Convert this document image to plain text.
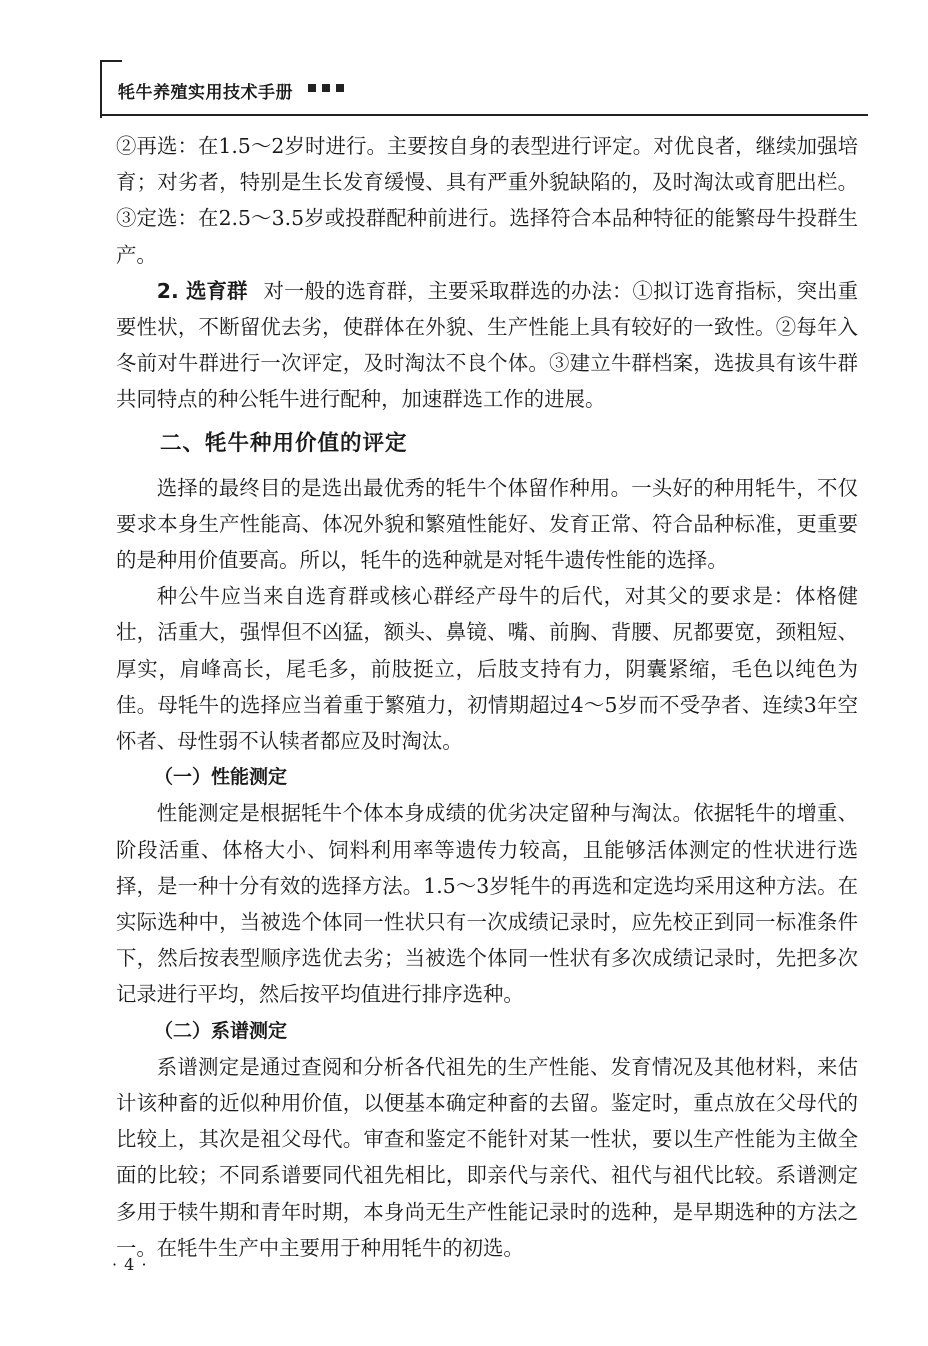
牦牛养殖实用技术手册

②再选：在1.5～2岁时进行。主要按自身的表型进行评定。对优良者，继续加强培育；对劣者，特别是生长发育缓慢、具有严重外貌缺陷的，及时淘汰或育肥出栏。③定选：在2.5～3.5岁或投群配种前进行。选择符合本品种特征的能繁母牛投群生产。

2. 选育群 对一般的选育群，主要采取群选的办法：①拟订选育指标，突出重要性状，不断留优去劣，使群体在外貌、生产性能上具有较好的一致性。②每年入冬前对牛群进行一次评定，及时淘汰不良个体。③建立牛群档案，选拔具有该牛群共同特点的种公牦牛进行配种，加速群选工作的进展。

二、牦牛种用价值的评定

选择的最终目的是选出最优秀的牦牛个体留作种用。一头好的种用牦牛，不仅要求本身生产性能高、体况外貌和繁殖性能好、发育正常、符合品种标准，更重要的是种用价值要高。所以，牦牛的选种就是对牦牛遗传性能的选择。

种公牛应当来自选育群或核心群经产母牛的后代，对其父的要求是：体格健壮，活重大，强悍但不凶猛，额头、鼻镜、嘴、前胸、背腰、尻都要宽，颈粗短、厚实，肩峰高长，尾毛多，前肢挺立，后肢支持有力，阴囊紧缩，毛色以纯色为佳。母牦牛的选择应当着重于繁殖力，初情期超过4～5岁而不受孕者、连续3年空怀者、母性弱不认犊者都应及时淘汰。

（一）性能测定

性能测定是根据牦牛个体本身成绩的优劣决定留种与淘汰。依据牦牛的增重、阶段活重、体格大小、饲料利用率等遗传力较高，且能够活体测定的性状进行选择，是一种十分有效的选择方法。1.5～3岁牦牛的再选和定选均采用这种方法。在实际选种中，当被选个体同一性状只有一次成绩记录时，应先校正到同一标准条件下，然后按表型顺序选优去劣；当被选个体同一性状有多次成绩记录时，先把多次记录进行平均，然后按平均值进行排序选种。

（二）系谱测定

系谱测定是通过查阅和分析各代祖先的生产性能、发育情况及其他材料，来估计该种畜的近似种用价值，以便基本确定种畜的去留。鉴定时，重点放在父母代的比较上，其次是祖父母代。审查和鉴定不能针对某一性状，要以生产性能为主做全面的比较；不同系谱要同代祖先相比，即亲代与亲代、祖代与祖代比较。系谱测定多用于犊牛期和青年时期，本身尚无生产性能记录时的选种，是早期选种的方法之一。在牦牛生产中主要用于种用牦牛的初选。

· 4 ·
